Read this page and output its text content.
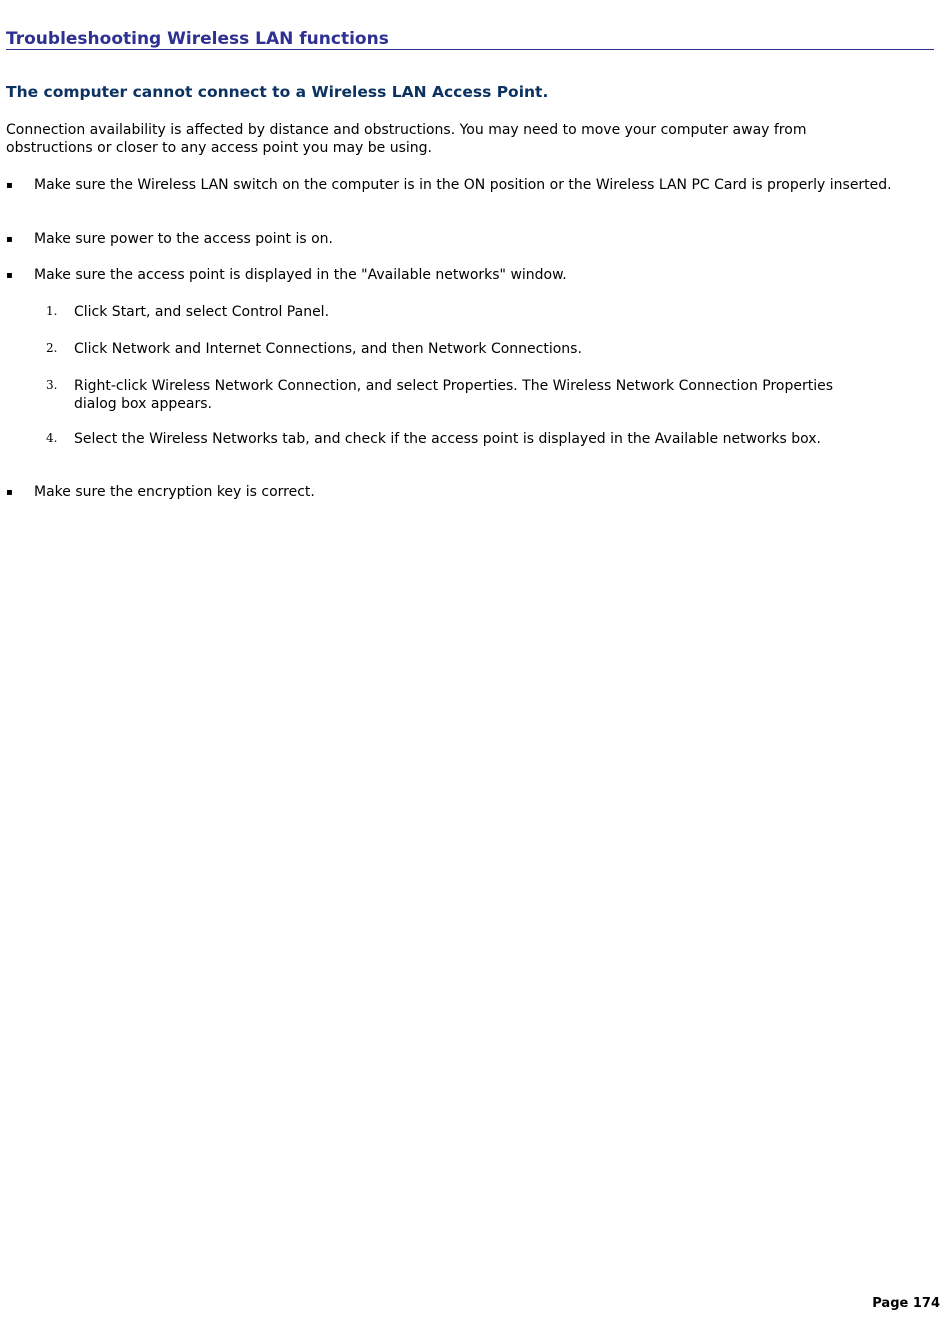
Troubleshooting Wireless LAN functions
The computer cannot connect to a Wireless LAN Access Point.

Connection availability is affected by distance and obstructions. You may need to move your computer away from obstructions or closer to any access point you may be using.

▪ Make sure the Wireless LAN switch on the computer is in the ON position or the Wireless LAN PC Card is properly inserted.
▪ Make sure power to the access point is on.
▪ Make sure the access point is displayed in the "Available networks" window.
1. Click Start, and select Control Panel.
2. Click Network and Internet Connections, and then Network Connections.
3. Right-click Wireless Network Connection, and select Properties. The Wireless Network Connection Properties dialog box appears.
4. Select the Wireless Networks tab, and check if the access point is displayed in the Available networks box.
▪ Make sure the encryption key is correct.
Page 174
